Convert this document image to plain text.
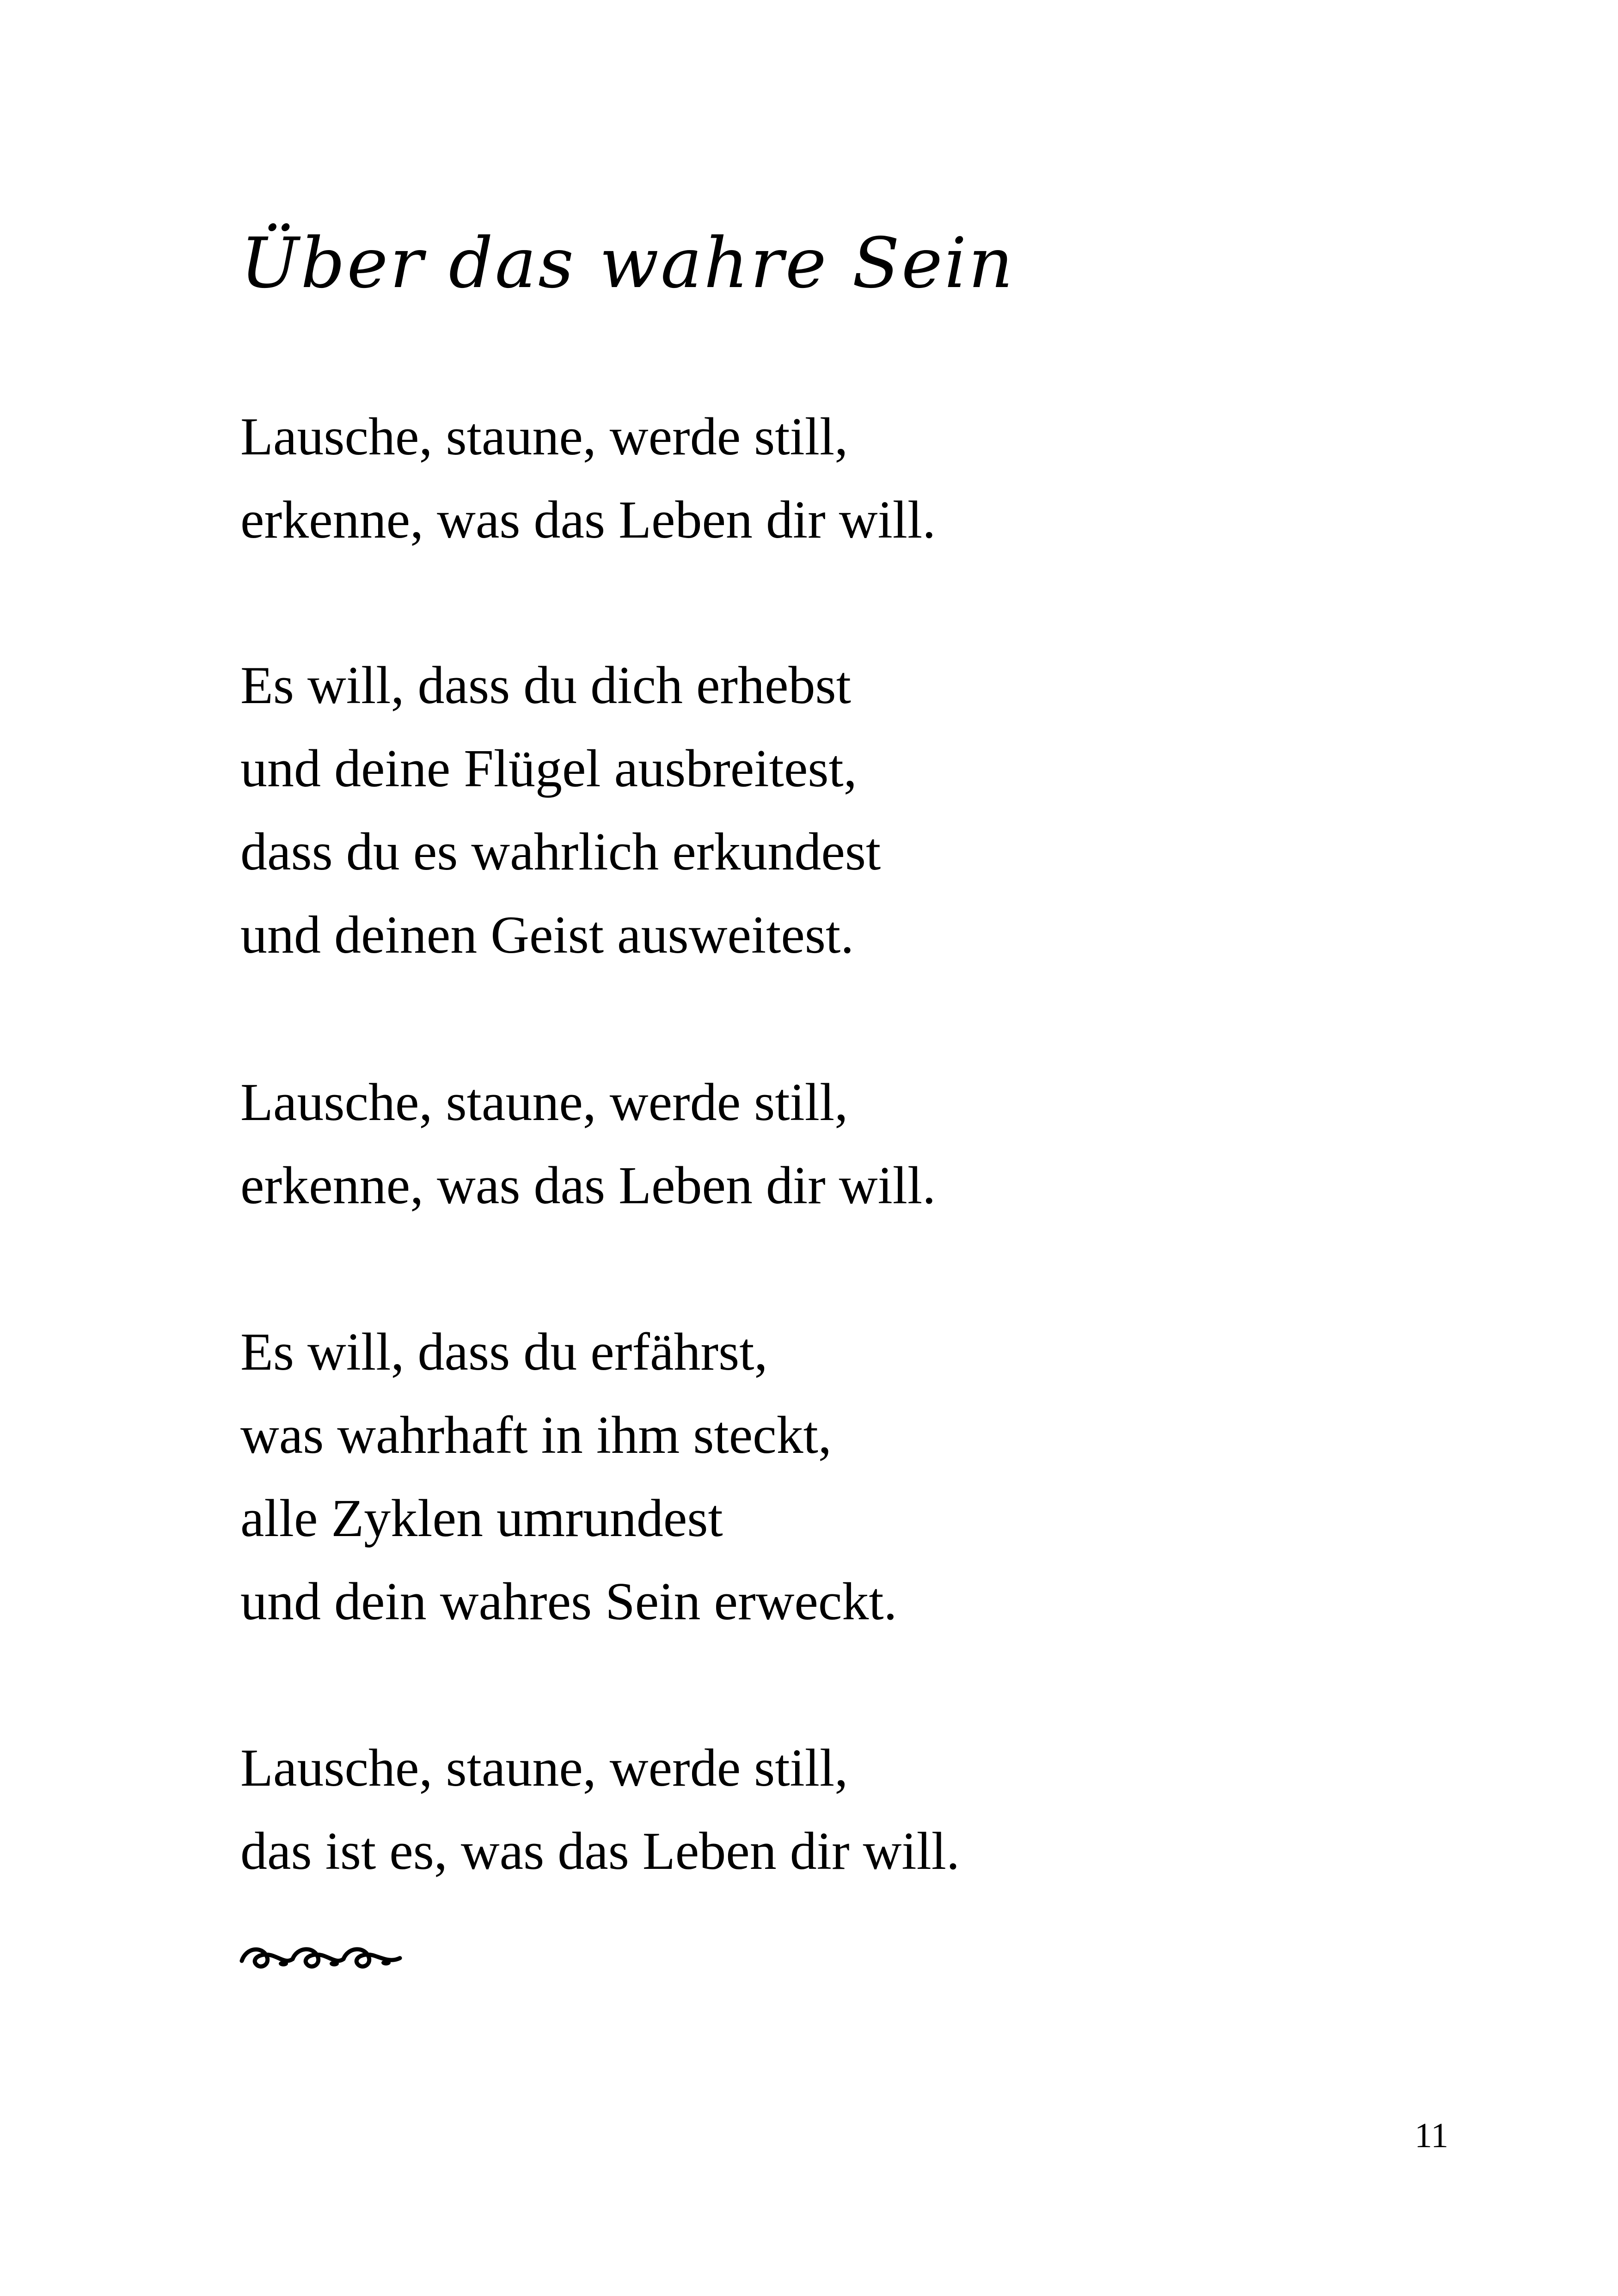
Über das wahre Sein

Lausche, staune, werde still,

erkenne, was das Leben dir will.

Es will, dass du dich erhebst

und deine Flügel ausbreitest,

dass du es wahrlich erkundest

und deinen Geist ausweitest.

Lausche, staune, werde still,

erkenne, was das Leben dir will.

Es will, dass du erfährst,

was wahrhaft in ihm steckt,

alle Zyklen umrundest

und dein wahres Sein erweckt.

Lausche, staune, werde still,

das ist es, was das Leben dir will.

11
